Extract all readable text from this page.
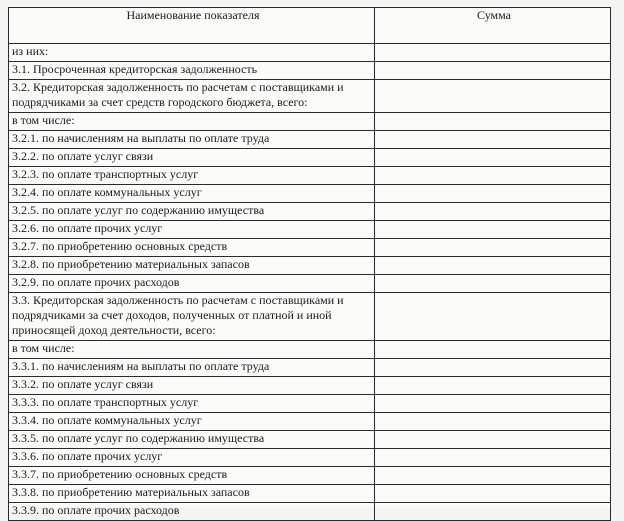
Наименование показателя	Сумма
из них:	
3.1. Просроченная кредиторская задолженность	
3.2. Кредиторская задолженность по расчетам с поставщиками и подрядчиками за счет средств городского бюджета, всего:	
в том числе:	
3.2.1. по начислениям на выплаты по оплате труда	
3.2.2. по оплате услуг связи	
3.2.3. по оплате транспортных услуг	
3.2.4. по оплате коммунальных услуг	
3.2.5. по оплате услуг по содержанию имущества	
3.2.6. по оплате прочих услуг	
3.2.7. по приобретению основных средств	
3.2.8. по приобретению материальных запасов	
3.2.9. по оплате прочих расходов	
3.3. Кредиторская задолженность по расчетам с поставщиками и подрядчиками за счет доходов, полученных от платной и иной приносящей доход деятельности, всего:	
в том числе:	
3.3.1. по начислениям на выплаты по оплате труда	
3.3.2. по оплате услуг связи	
3.3.3. по оплате транспортных услуг	
3.3.4. по оплате коммунальных услуг	
3.3.5. по оплате услуг по содержанию имущества	
3.3.6. по оплате прочих услуг	
3.3.7. по приобретению основных средств	
3.3.8. по приобретению материальных запасов	
3.3.9. по оплате прочих расходов	
